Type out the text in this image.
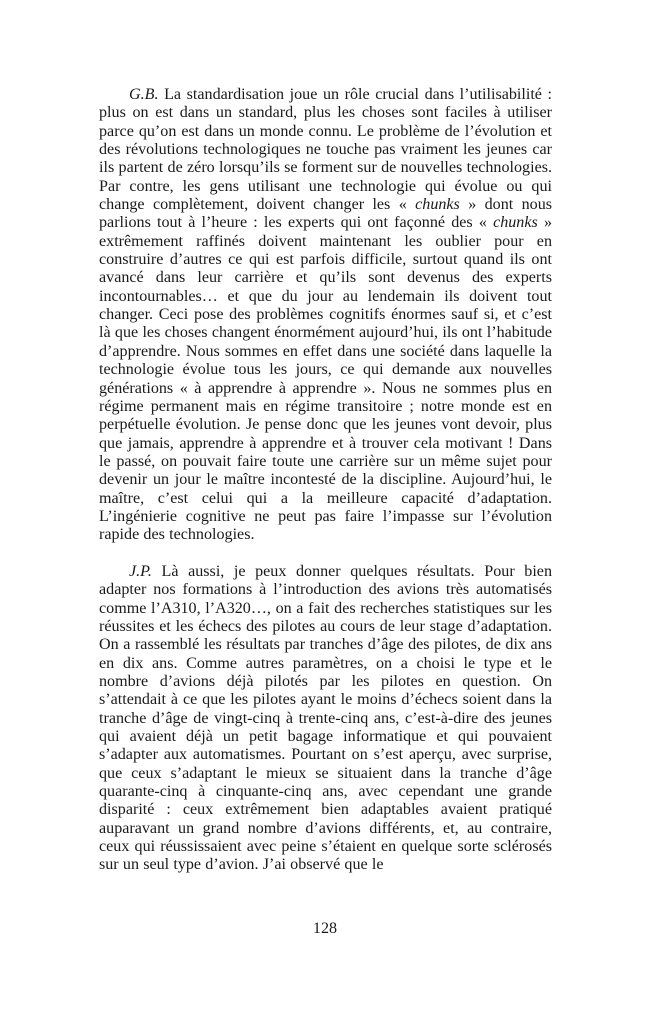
G.B. La standardisation joue un rôle crucial dans l’utilisabilité : plus on est dans un standard, plus les choses sont faciles à utiliser parce qu’on est dans un monde connu. Le problème de l’évolution et des révolutions technologiques ne touche pas vraiment les jeunes car ils partent de zéro lorsqu’ils se forment sur de nouvelles technologies. Par contre, les gens utilisant une technologie qui évolue ou qui change complètement, doivent changer les « chunks » dont nous parlions tout à l’heure : les experts qui ont façonné des « chunks » extrêmement raffinés doivent maintenant les oublier pour en construire d’autres ce qui est parfois difficile, surtout quand ils ont avancé dans leur carrière et qu’ils sont devenus des experts incontournables… et que du jour au lendemain ils doivent tout changer. Ceci pose des problèmes cognitifs énormes sauf si, et c’est là que les choses changent énormément aujourd’hui, ils ont l’habitude d’apprendre. Nous sommes en effet dans une société dans laquelle la technologie évolue tous les jours, ce qui demande aux nouvelles générations « à apprendre à apprendre ». Nous ne sommes plus en régime permanent mais en régime transitoire ; notre monde est en perpétuelle évolution. Je pense donc que les jeunes vont devoir, plus que jamais, apprendre à apprendre et à trouver cela motivant ! Dans le passé, on pouvait faire toute une carrière sur un même sujet pour devenir un jour le maître incontesté de la discipline. Aujourd’hui, le maître, c’est celui qui a la meilleure capacité d’adaptation. L’ingénierie cognitive ne peut pas faire l’impasse sur l’évolution rapide des technologies.

J.P. Là aussi, je peux donner quelques résultats. Pour bien adapter nos formations à l’introduction des avions très automatisés comme l’A310, l’A320…, on a fait des recherches statistiques sur les réussites et les échecs des pilotes au cours de leur stage d’adaptation. On a rassemblé les résultats par tranches d’âge des pilotes, de dix ans en dix ans. Comme autres paramètres, on a choisi le type et le nombre d’avions déjà pilotés par les pilotes en question. On s’attendait à ce que les pilotes ayant le moins d’échecs soient dans la tranche d’âge de vingt-cinq à trente-cinq ans, c’est-à-dire des jeunes qui avaient déjà un petit bagage informatique et qui pouvaient s’adapter aux automatismes. Pourtant on s’est aperçu, avec surprise, que ceux s’adaptant le mieux se situaient dans la tranche d’âge quarante-cinq à cinquante-cinq ans, avec cependant une grande disparité : ceux extrêmement bien adaptables avaient pratiqué auparavant un grand nombre d’avions différents, et, au contraire, ceux qui réussissaient avec peine s’étaient en quelque sorte sclérosés sur un seul type d’avion. J’ai observé que le

128
